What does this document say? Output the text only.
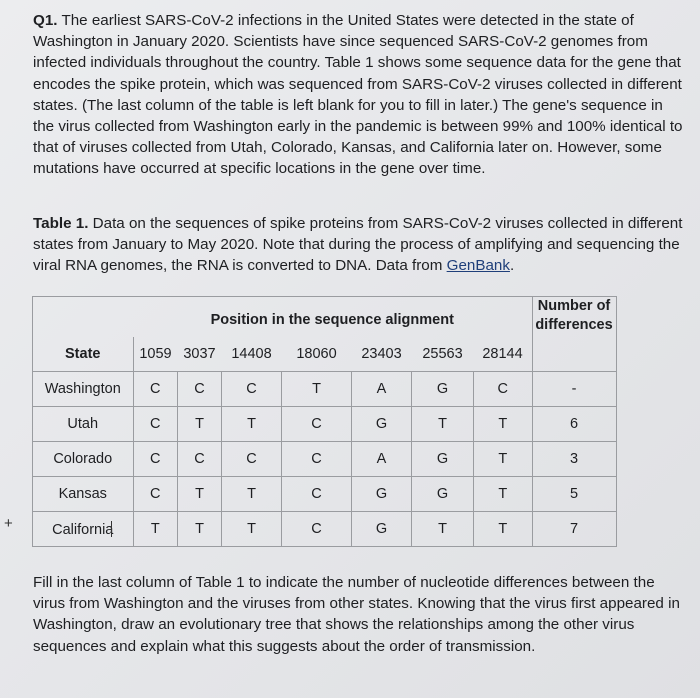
Q1. The earliest SARS-CoV-2 infections in the United States were detected in the state of Washington in January 2020. Scientists have since sequenced SARS-CoV-2 genomes from infected individuals throughout the country. Table 1 shows some sequence data for the gene that encodes the spike protein, which was sequenced from SARS-CoV-2 viruses collected in different states. (The last column of the table is left blank for you to fill in later.) The gene's sequence in the virus collected from Washington early in the pandemic is between 99% and 100% identical to that of viruses collected from Utah, Colorado, Kansas, and California later on. However, some mutations have occurred at specific locations in the gene over time.

Table 1. Data on the sequences of spike proteins from SARS-CoV-2 viruses collected in different states from January to May 2020. Note that during the process of amplifying and sequencing the viral RNA genomes, the RNA is converted to DNA. Data from GenBank.

	Position in the sequence alignment							Number of differences
State	1059	3037	14408	18060	23403	25563	28144	
Washington	C	C	C	T	A	G	C	-
Utah	C	T	T	C	G	T	T	6
Colorado	C	C	C	C	A	G	T	3
Kansas	C	T	T	C	G	G	T	5
California	T	T	T	C	G	T	T	7
+

Fill in the last column of Table 1 to indicate the number of nucleotide differences between the virus from Washington and the viruses from other states. Knowing that the virus first appeared in Washington, draw an evolutionary tree that shows the relationships among the other virus sequences and explain what this suggests about the order of transmission.
